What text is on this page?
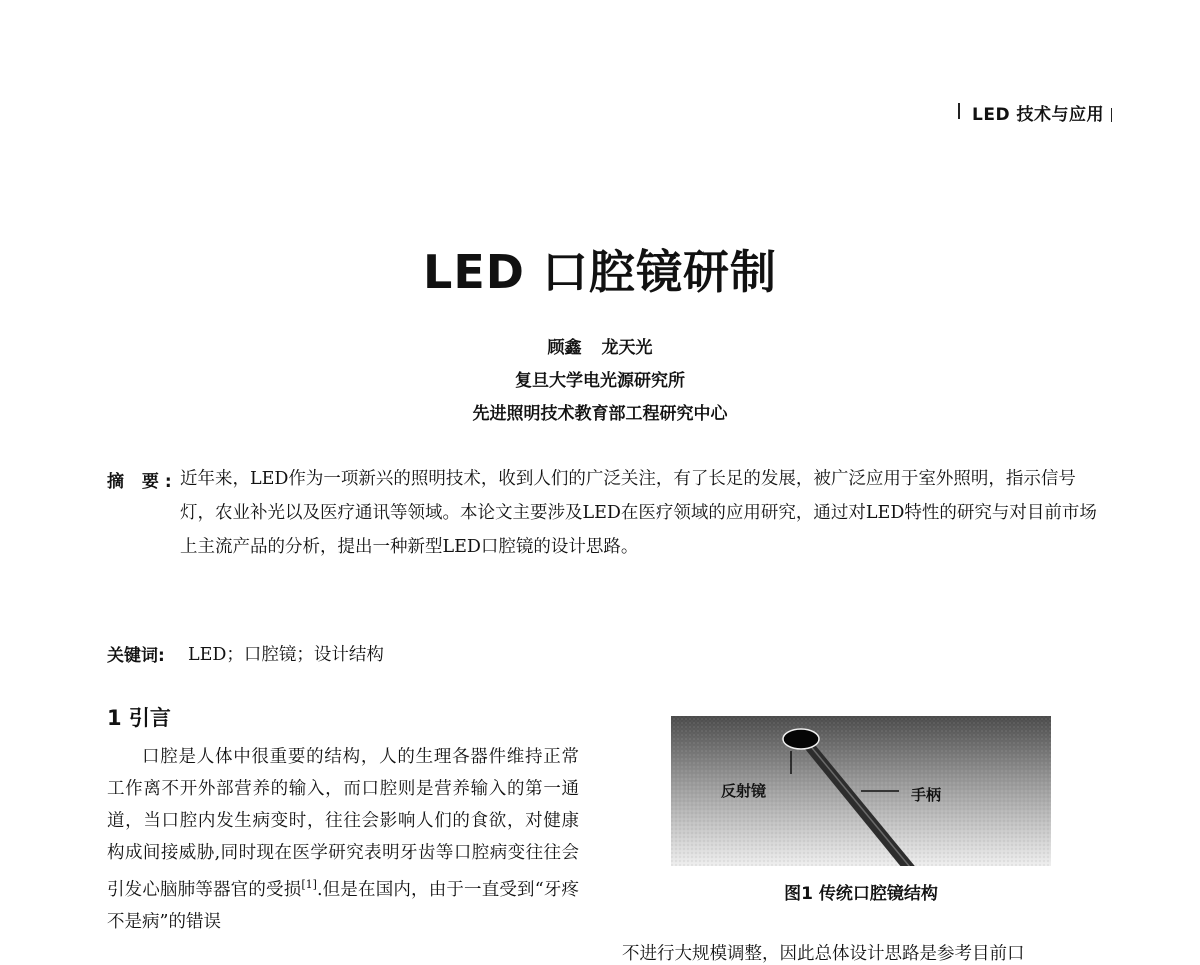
LED 技术与应用
LED 口腔镜研制
顾鑫 龙天光
复旦大学电光源研究所
先进照明技术教育部工程研究中心
摘 要: 近年来，LED作为一项新兴的照明技术，收到人们的广泛关注，有了长足的发展，被广泛应用于室外照明，指示信号灯，农业补光以及医疗通讯等领域。本论文主要涉及LED在医疗领域的应用研究，通过对LED特性的研究与对目前市场上主流产品的分析，提出一种新型LED口腔镜的设计思路。
关键词: LED；口腔镜；设计结构
1 引言
口腔是人体中很重要的结构，人的生理各器件维持正常工作离不开外部营养的输入，而口腔则是营养输入的第一通道，当口腔内发生病变时，往往会影响人们的食欲，对健康构成间接威胁,同时现在医学研究表明牙齿等口腔病变往往会引发心脑肺等器官的受损[1].但是在国内，由于一直受到“牙疼不是病”的错误
反射镜	手柄
图1 传统口腔镜结构
不进行大规模调整，因此总体设计思路是参考目前口
